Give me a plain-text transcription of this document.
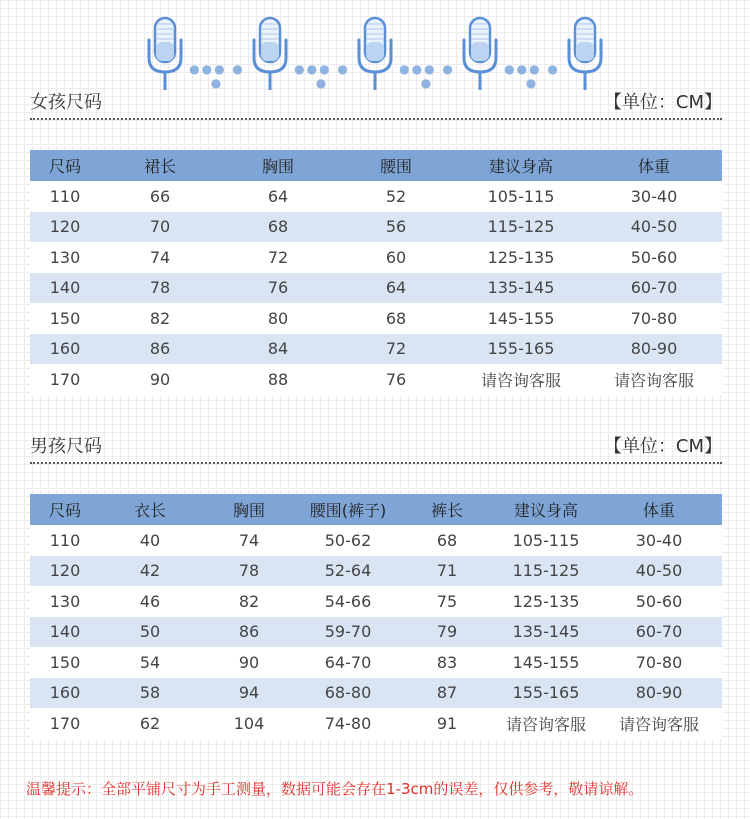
●●● ● ●
●●● ● ●
●●● ● ●
●●● ● ●
女孩尺码	【单位：CM】
尺码	裙长	胸围	腰围	建议身高	体重
110	66	64	52	105-115	30-40
120	70	68	56	115-125	40-50
130	74	72	60	125-135	50-60
140	78	76	64	135-145	60-70
150	82	80	68	145-155	70-80
160	86	84	72	155-165	80-90
170	90	88	76	请咨询客服	请咨询客服
男孩尺码	【单位：CM】
尺码	衣长	胸围	腰围(裤子)	裤长	建议身高	体重
110	40	74	50-62	68	105-115	30-40
120	42	78	52-64	71	115-125	40-50
130	46	82	54-66	75	125-135	50-60
140	50	86	59-70	79	135-145	60-70
150	54	90	64-70	83	145-155	70-80
160	58	94	68-80	87	155-165	80-90
170	62	104	74-80	91	请咨询客服	请咨询客服
温馨提示：全部平铺尺寸为手工测量，数据可能会存在1-3cm的误差，仅供参考，敬请谅解。
